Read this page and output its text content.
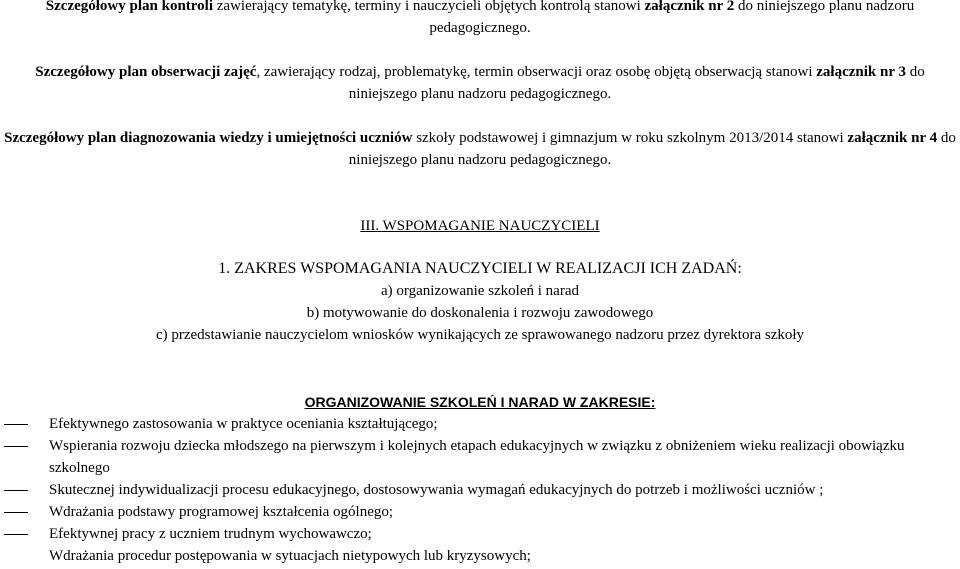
Szczegółowy plan kontroli zawierający tematykę, terminy i nauczycieli objętych kontrolą stanowi załącznik nr 2 do niniejszego planu nadzoru pedagogicznego.
Szczegółowy plan obserwacji zajęć, zawierający rodzaj, problematykę, termin obserwacji oraz osobę objętą obserwacją stanowi załącznik nr 3 do niniejszego planu nadzoru pedagogicznego.
Szczegółowy plan diagnozowania wiedzy i umiejętności uczniów szkoły podstawowej i gimnazjum w roku szkolnym 2013/2014 stanowi załącznik nr 4 do niniejszego planu nadzoru pedagogicznego.
III. WSPOMAGANIE NAUCZYCIELI
1. ZAKRES WSPOMAGANIA NAUCZYCIELI W REALIZACJI ICH ZADAŃ:
a) organizowanie szkoleń i narad
b) motywowanie do doskonalenia i rozwoju zawodowego
c) przedstawianie nauczycielom wniosków wynikających ze sprawowanego nadzoru przez dyrektora szkoły
ORGANIZOWANIE SZKOLEŃ I NARAD W ZAKRESIE:
Efektywnego zastosowania w praktyce oceniania kształtującego;
Wspierania rozwoju dziecka młodszego na pierwszym i kolejnych etapach edukacyjnych w związku z obniżeniem wieku realizacji obowiązku szkolnego
Skutecznej indywidualizacji procesu edukacyjnego, dostosowywania wymagań edukacyjnych do potrzeb i możliwości uczniów ;
Wdrażania podstawy programowej kształcenia ogólnego;
Efektywnej pracy z uczniem trudnym wychowawczo;
Wdrażania procedur postępowania w sytuacjach nietypowych lub kryzysowych;
